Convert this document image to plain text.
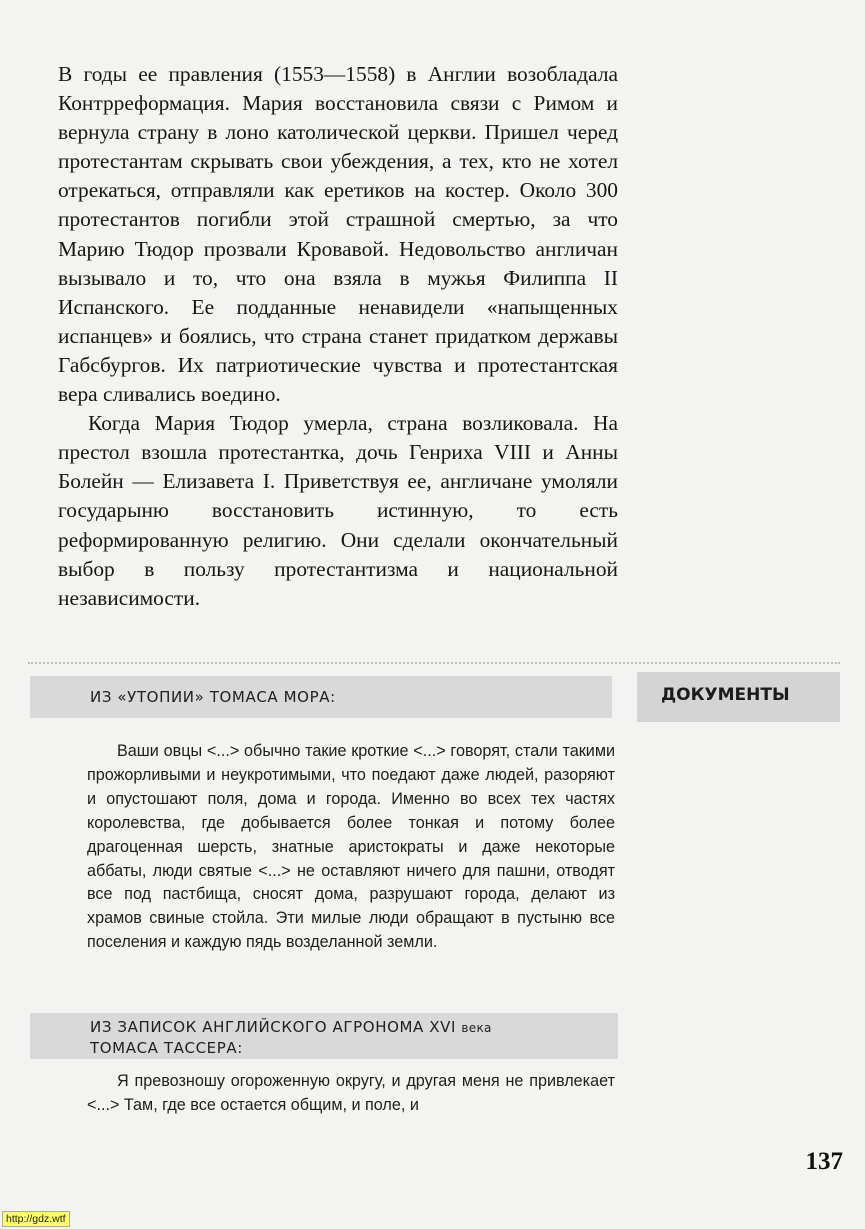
В годы ее правления (1553—1558) в Англии возобладала Контрреформация. Мария восстановила связи с Римом и вернула страну в лоно католической церкви. Пришел черед протестантам скрывать свои убеждения, а тех, кто не хотел отрекаться, отправляли как еретиков на костер. Около 300 протестантов погибли этой страшной смертью, за что Марию Тюдор прозвали Кровавой. Недовольство англичан вызывало и то, что она взяла в мужья Филиппа II Испанского. Ее подданные ненавидели «напыщенных испанцев» и боялись, что страна станет придатком державы Габсбургов. Их патриотические чувства и протестантская вера сливались воедино.

Когда Мария Тюдор умерла, страна возликовала. На престол взошла протестантка, дочь Генриха VIII и Анны Болейн — Елизавета I. Приветствуя ее, англичане умоляли государыню восстановить истинную, то есть реформированную религию. Они сделали окончательный выбор в пользу протестантизма и национальной независимости.

ИЗ «УТОПИИ» ТОМАСА МОРА:	ДОКУМЕНТЫ

Ваши овцы <...> обычно такие кроткие <...> говорят, стали такими прожорливыми и неукротимыми, что поедают даже людей, разоряют и опустошают поля, дома и города. Именно во всех тех частях королевства, где добывается более тонкая и потому более драгоценная шерсть, знатные аристократы и даже некоторые аббаты, люди святые <...> не оставляют ничего для пашни, отводят все под пастбища, сносят дома, разрушают города, делают из храмов свиные стойла. Эти милые люди обращают в пустыню все поселения и каждую пядь возделанной земли.

ИЗ ЗАПИСОК АНГЛИЙСКОГО АГРОНОМА XVI века
ТОМАСА ТАССЕРА:

Я превозношу огороженную округу, и другая меня не привлекает <...> Там, где все остается общим, и поле, и

137
http://gdz.wtf
